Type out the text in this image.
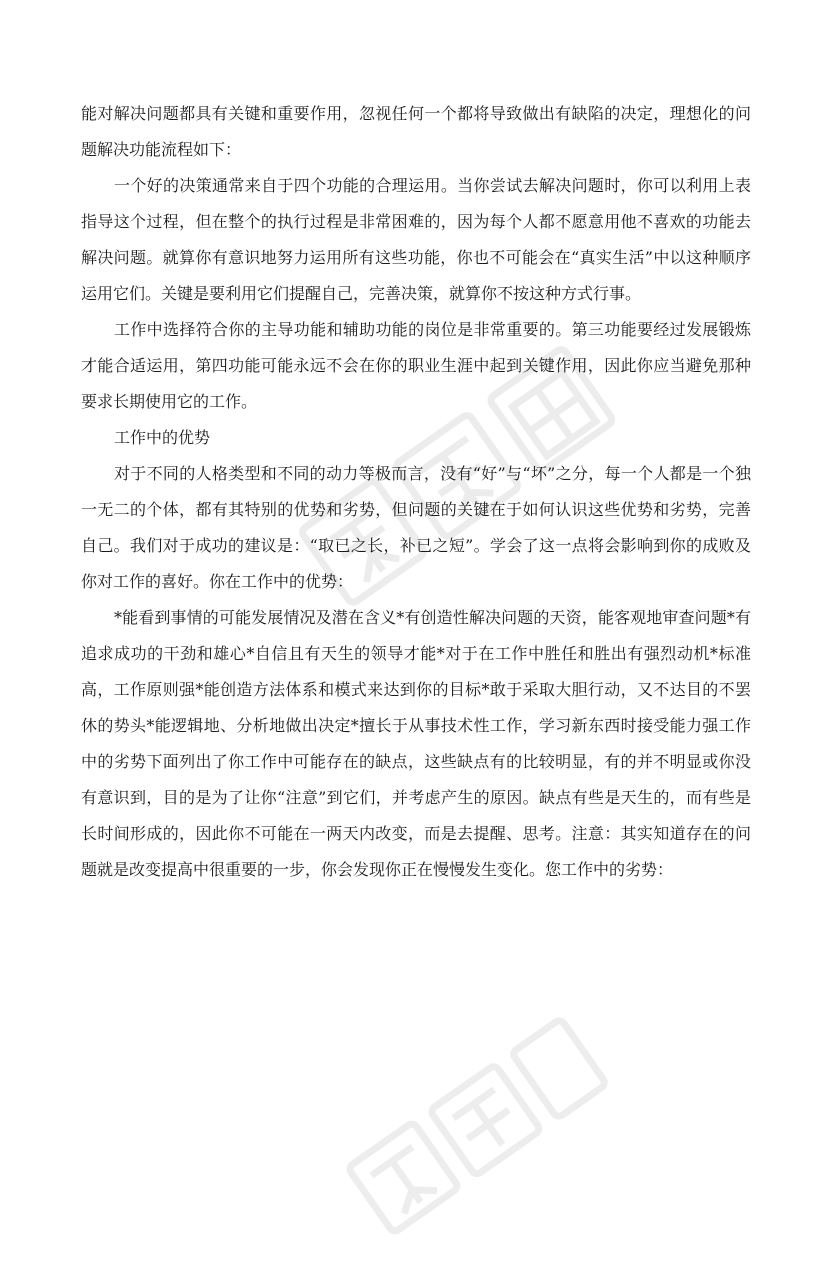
能对解决问题都具有关键和重要作用，忽视任何一个都将导致做出有缺陷的决定，理想化的问题解决功能流程如下：

一个好的决策通常来自于四个功能的合理运用。当你尝试去解决问题时，你可以利用上表指导这个过程，但在整个的执行过程是非常困难的，因为每个人都不愿意用他不喜欢的功能去解决问题。就算你有意识地努力运用所有这些功能，你也不可能会在“真实生活”中以这种顺序运用它们。关键是要利用它们提醒自己，完善决策，就算你不按这种方式行事。

工作中选择符合你的主导功能和辅助功能的岗位是非常重要的。第三功能要经过发展锻炼才能合适运用，第四功能可能永远不会在你的职业生涯中起到关键作用，因此你应当避免那种要求长期使用它的工作。

工作中的优势

对于不同的人格类型和不同的动力等极而言，没有“好”与“坏”之分，每一个人都是一个独一无二的个体，都有其特别的优势和劣势，但问题的关键在于如何认识这些优势和劣势，完善自己。我们对于成功的建议是：“取已之长，补已之短”。学会了这一点将会影响到你的成败及你对工作的喜好。你在工作中的优势：

*能看到事情的可能发展情况及潜在含义*有创造性解决问题的天资，能客观地审查问题*有追求成功的干劲和雄心*自信且有天生的领导才能*对于在工作中胜任和胜出有强烈动机*标准高，工作原则强*能创造方法体系和模式来达到你的目标*敢于采取大胆行动，又不达目的不罢休的势头*能逻辑地、分析地做出决定*擅长于从事技术性工作，学习新东西时接受能力强工作中的劣势下面列出了你工作中可能存在的缺点，这些缺点有的比较明显，有的并不明显或你没有意识到，目的是为了让你“注意”到它们，并考虑产生的原因。缺点有些是天生的，而有些是长时间形成的，因此你不可能在一两天内改变，而是去提醒、思考。注意：其实知道存在的问题就是改变提高中很重要的一步，你会发现你正在慢慢发生变化。您工作中的劣势：
